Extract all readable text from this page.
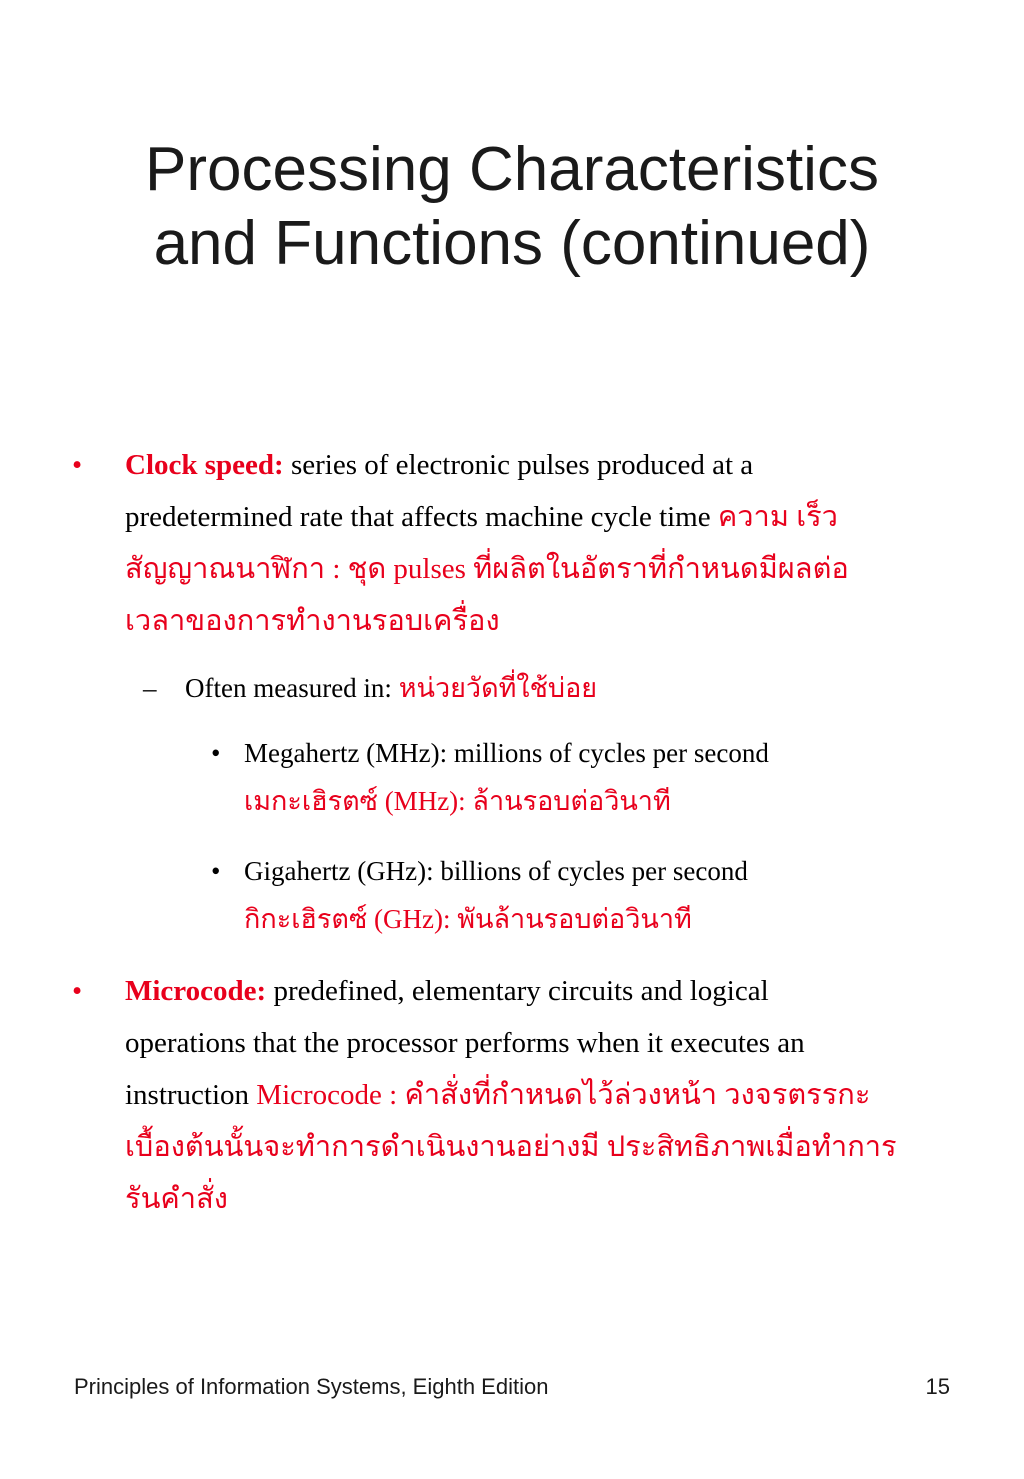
Processing Characteristics
and Functions (continued)
• Clock speed: series of electronic pulses produced at a
predetermined rate that affects machine cycle time ความ เร็ว
สัญญาณนาฬิกา : ชุด pulses ที่ผลิตในอัตราที่กำหนดมีผลต่อ
เวลาของการทำงานรอบเครื่อง
– Often measured in: หน่วยวัดที่ใช้บ่อย
• Megahertz (MHz): millions of cycles per second
เมกะเฮิรตซ์ (MHz): ล้านรอบต่อวินาที
• Gigahertz (GHz): billions of cycles per second
กิกะเฮิรตซ์ (GHz): พันล้านรอบต่อวินาที
• Microcode: predefined, elementary circuits and logical
operations that the processor performs when it executes an
instruction Microcode : คำสั่งที่กำหนดไว้ล่วงหน้า วงจรตรรกะ
เบื้องต้นนั้นจะทำการดำเนินงานอย่างมี ประสิทธิภาพเมื่อทำการ
รันคำสั่ง
Principles of Information Systems, Eighth Edition	15
